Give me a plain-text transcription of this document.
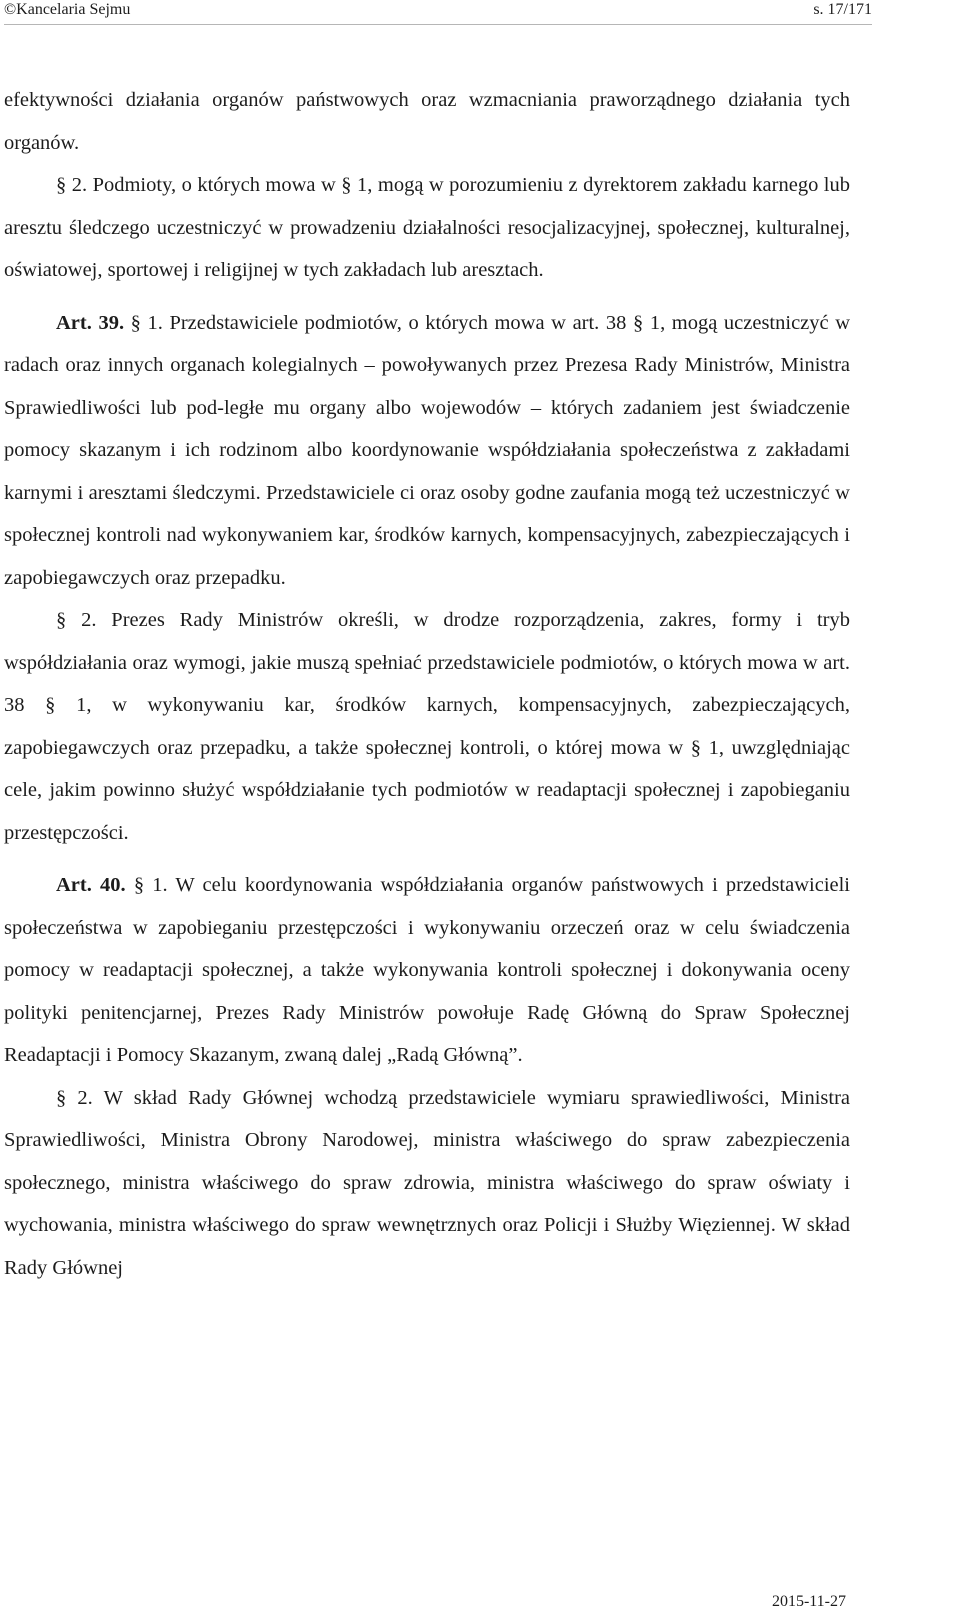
©Kancelaria Sejmu	s. 17/171

efektywności działania organów państwowych oraz wzmacniania praworządnego działania tych organów.

§ 2. Podmioty, o których mowa w § 1, mogą w porozumieniu z dyrektorem zakładu karnego lub aresztu śledczego uczestniczyć w prowadzeniu działalności resocjalizacyjnej, społecznej, kulturalnej, oświatowej, sportowej i religijnej w tych zakładach lub aresztach.

Art. 39. § 1. Przedstawiciele podmiotów, o których mowa w art. 38 § 1, mogą uczestniczyć w radach oraz innych organach kolegialnych – powoływanych przez Prezesa Rady Ministrów, Ministra Sprawiedliwości lub pod-ległe mu organy albo wojewodów – których zadaniem jest świadczenie pomocy skazanym i ich rodzinom albo koordynowanie współdziałania społeczeństwa z zakładami karnymi i aresztami śledczymi. Przedstawiciele ci oraz osoby godne zaufania mogą też uczestniczyć w społecznej kontroli nad wykonywaniem kar, środków karnych, kompensacyjnych, zabezpieczających i zapobiegawczych oraz przepadku.

§ 2. Prezes Rady Ministrów określi, w drodze rozporządzenia, zakres, formy i tryb współdziałania oraz wymogi, jakie muszą spełniać przedstawiciele podmiotów, o których mowa w art. 38 § 1, w wykonywaniu kar, środków karnych, kompensacyjnych, zabezpieczających, zapobiegawczych oraz przepadku, a także społecznej kontroli, o której mowa w § 1, uwzględniając cele, jakim powinno służyć współdziałanie tych podmiotów w readaptacji społecznej i zapobieganiu przestępczości.

Art. 40. § 1. W celu koordynowania współdziałania organów państwowych i przedstawicieli społeczeństwa w zapobieganiu przestępczości i wykonywaniu orzeczeń oraz w celu świadczenia pomocy w readaptacji społecznej, a także wykonywania kontroli społecznej i dokonywania oceny polityki penitencjarnej, Prezes Rady Ministrów powołuje Radę Główną do Spraw Społecznej Readaptacji i Pomocy Skazanym, zwaną dalej „Radą Główną”.

§ 2. W skład Rady Głównej wchodzą przedstawiciele wymiaru sprawiedliwości, Ministra Sprawiedliwości, Ministra Obrony Narodowej, ministra właściwego do spraw zabezpieczenia społecznego, ministra właściwego do spraw zdrowia, ministra właściwego do spraw oświaty i wychowania, ministra właściwego do spraw wewnętrznych oraz Policji i Służby Więziennej. W skład Rady Głównej

2015-11-27
